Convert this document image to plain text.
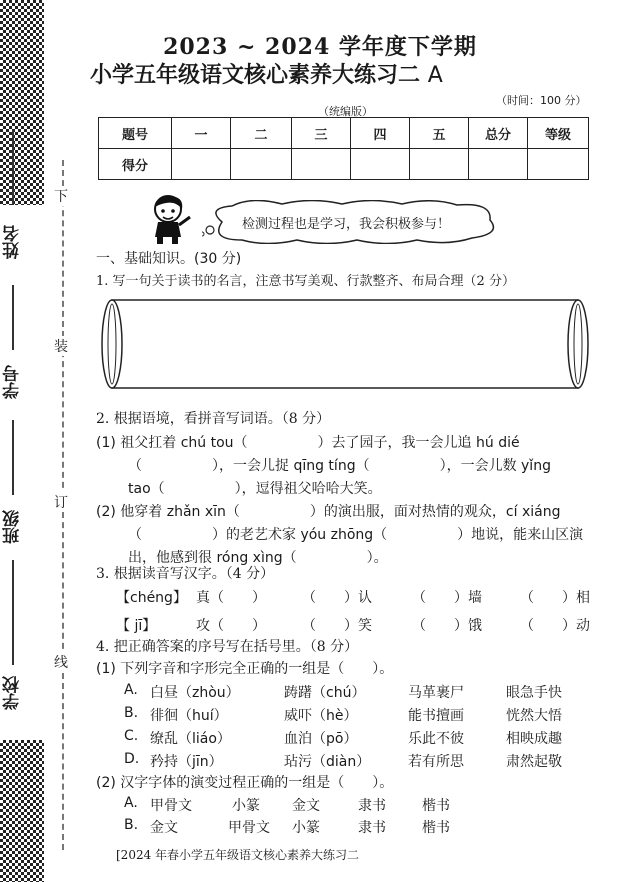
姓名
学号
班级
学校
下
装
订
线
2023 ~ 2024 学年度下学期
小学五年级语文核心素养大练习二 A
（统编版）
（时间：100 分）
题号	一	二	三	四	五	总分	等级
得分							
检测过程也是学习，我会积极参与！
一、基础知识。(30 分)
1. 写一句关于读书的名言，注意书写美观、行款整齐、布局合理（2 分）
2. 根据语境，看拼音写词语。（8 分）
(1) 祖父扛着 chú tou（　　　　　）去了园子，我一会儿追 hú dié
（　　　　　），一会儿捉 qīng tíng（　　　　　），一会儿数 yǐng
tao（　　　　　），逗得祖父哈哈大笑。
(2) 他穿着 zhǎn xīn（　　　　　）的演出服，面对热情的观众，cí xiáng
（　　　　　）的老艺术家 yóu zhōng（　　　　　）地说，能来山区演
出，他感到很 róng xìng（　　　　　）。
3. 根据读音写汉字。（4 分）
【chéng】 真（　　）	（　　）认	（　　）墙	（　　）相
【 jī】	攻（　　）	（　　）笑	（　　）饿	（　　）动
4. 把正确答案的序号写在括号里。（8 分）
(1) 下列字音和字形完全正确的一组是（　　）。
A. 白昼（zhòu）	踌躇（chú）	马革裹尸	眼急手快
B. 徘徊（huí）	威吓（hè）	能书擅画	恍然大悟
C. 缭乱（liáo）	血泊（pō）	乐此不彼	相映成趣
D. 矜持（jīn）	玷污（diàn）	若有所思	肃然起敬
(2) 汉字字体的演变过程正确的一组是（　　）。
A. 甲骨文	小篆 金文	隶书	楷书
B. 金文	甲骨文 小篆	隶书	楷书
[2024 年春小学五年级语文核心素养大练习二
